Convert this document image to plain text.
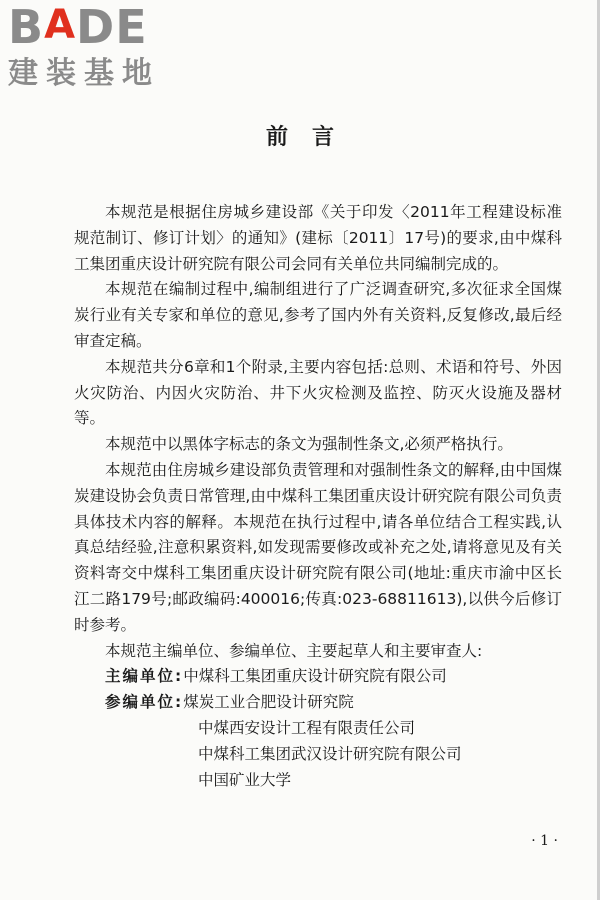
B A DE
建装基地
前言

本规范是根据住房城乡建设部《关于印发〈2011年工程建设标准规范制订、修订计划〉的通知》(建标〔2011〕17号)的要求,由中煤科工集团重庆设计研究院有限公司会同有关单位共同编制完成的。

本规范在编制过程中,编制组进行了广泛调查研究,多次征求全国煤炭行业有关专家和单位的意见,参考了国内外有关资料,反复修改,最后经审查定稿。

本规范共分6章和1个附录,主要内容包括:总则、术语和符号、外因火灾防治、内因火灾防治、井下火灾检测及监控、防灭火设施及器材等。

本规范中以黑体字标志的条文为强制性条文,必须严格执行。

本规范由住房城乡建设部负责管理和对强制性条文的解释,由中国煤炭建设协会负责日常管理,由中煤科工集团重庆设计研究院有限公司负责具体技术内容的解释。本规范在执行过程中,请各单位结合工程实践,认真总结经验,注意积累资料,如发现需要修改或补充之处,请将意见及有关资料寄交中煤科工集团重庆设计研究院有限公司(地址:重庆市渝中区长江二路179号;邮政编码:400016;传真:023-68811613),以供今后修订时参考。

本规范主编单位、参编单位、主要起草人和主要审查人:

主编单位: 中煤科工集团重庆设计研究院有限公司
参编单位: 煤炭工业合肥设计研究院
中煤西安设计工程有限责任公司
中煤科工集团武汉设计研究院有限公司
中国矿业大学
· 1 ·
